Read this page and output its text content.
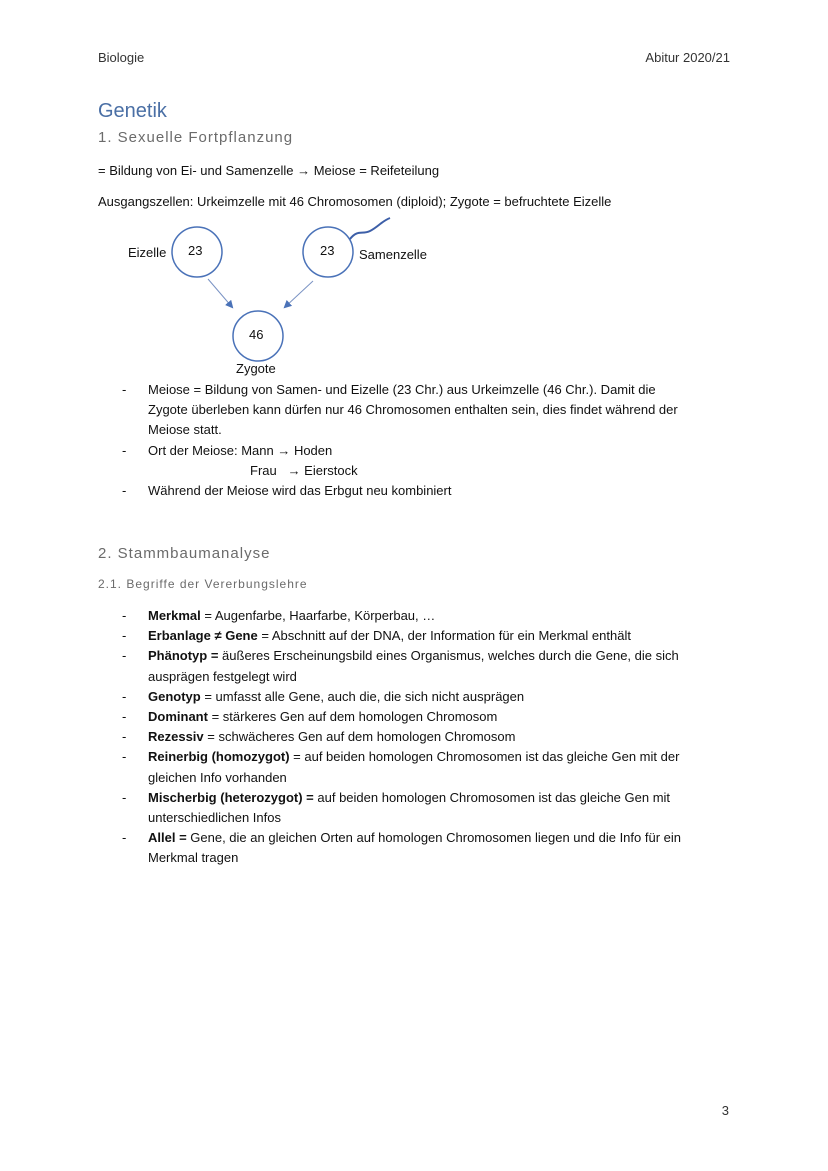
Biologie	Abitur 2020/21
Genetik
1. Sexuelle Fortpflanzung
= Bildung von Ei- und Samenzelle → Meiose = Reifeteilung
Ausgangszellen: Urkeimzelle mit 46 Chromosomen (diploid); Zygote = befruchtete Eizelle
Eizelle 23	23 Samenzelle
46
Zygote
- Meiose = Bildung von Samen- und Eizelle (23 Chr.) aus Urkeimzelle (46 Chr.). Damit die
Zygote überleben kann dürfen nur 46 Chromosomen enthalten sein, dies findet während der
Meiose statt.
- Ort der Meiose: Mann → Hoden
Frau   → Eierstock
- Während der Meiose wird das Erbgut neu kombiniert
2. Stammbaumanalyse
2.1. Begriffe der Vererbungslehre
- Merkmal = Augenfarbe, Haarfarbe, Körperbau, …
- Erbanlage ≠ Gene = Abschnitt auf der DNA, der Information für ein Merkmal enthält
- Phänotyp = äußeres Erscheinungsbild eines Organismus, welches durch die Gene, die sich
ausprägen festgelegt wird
- Genotyp = umfasst alle Gene, auch die, die sich nicht ausprägen
- Dominant = stärkeres Gen auf dem homologen Chromosom
- Rezessiv = schwächeres Gen auf dem homologen Chromosom
- Reinerbig (homozygot) = auf beiden homologen Chromosomen ist das gleiche Gen mit der
gleichen Info vorhanden
- Mischerbig (heterozygot) = auf beiden homologen Chromosomen ist das gleiche Gen mit
unterschiedlichen Infos
- Allel = Gene, die an gleichen Orten auf homologen Chromosomen liegen und die Info für ein
Merkmal tragen
3
